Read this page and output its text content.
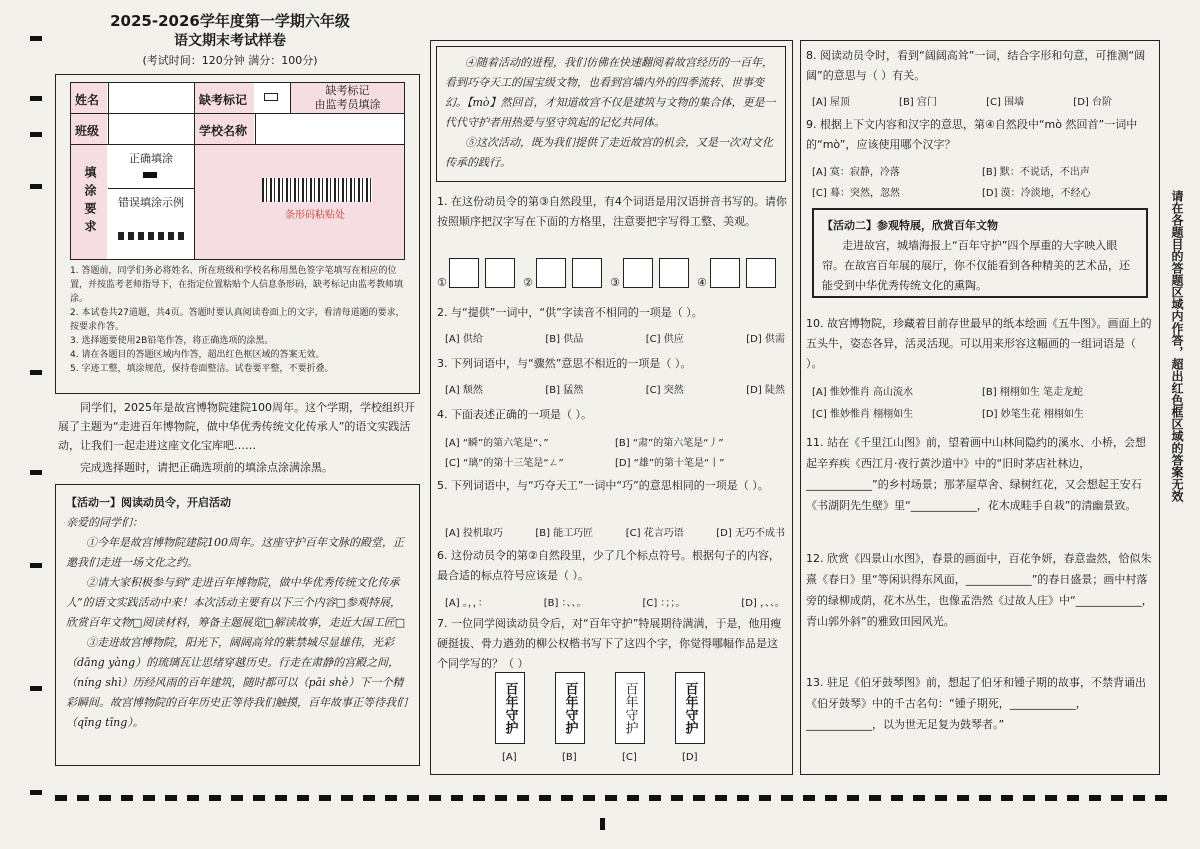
2025-2026学年度第一学期六年级
语文期末考试样卷
(考试时间：120分钟 满分：100分)
姓名	缺考标记
缺考标记
由监考员填涂
班级	学校名称
填涂要求
正确填涂
错误填涂示例
条形码粘贴处
1. 答题前，同学们务必将姓名、所在班级和学校名称用黑色签字笔填写在相应的位置，并按监考老师指导下，在指定位置粘贴个人信息条形码，缺考标记由监考教师填涂。
2. 本试卷共27道题，共4页。答题时要认真阅读卷面上的文字，看清每道题的要求，按要求作答。
3. 选择题要使用2B铅笔作答，将正确选项的涂黑。
4. 请在各题目的答题区域内作答，超出红色框区域的答案无效。
5. 字迹工整，填涂规范，保持卷面整洁。试卷要平整，不要折叠。
同学们，2025年是故宫博物院建院100周年。这个学期，学校组织开展了主题为“走进百年博物院，做中华优秀传统文化传承人”的语文实践活动，让我们一起走进这座文化宝库吧……
完成选择题时，请把正确选项前的填涂点涂满涂黑。
【活动一】阅读动员令，开启活动
亲爱的同学们：
①今年是故宫博物院建院100周年。这座守护百年文脉的殿堂，正邀我们走进一场文化之约。
②请大家积极参与到“走进百年博物院，做中华优秀传统文化传承人”的语文实践活动中来！本次活动主要有以下三个内容□参观特展，欣赏百年文物□阅读材料，筹备主题展览□解读故事，走近大国工匠□
③走进故宫博物院，阳光下，阔阔高耸的紫禁城尽显雄伟，光彩（dāng yàng）的琉璃瓦让思绪穿越历史。行走在肃静的宫殿之间，（níng shì）历经风雨的百年建筑，随时都可以（pāi shè）下一个精彩瞬间。故宫博物院的百年历史正等待我们触摸，百年故事正等待我们（qīng tīng）。
④随着活动的进程，我们仿佛在快速翻阅着故宫经历的一百年，看到巧夺天工的国宝级文物，也看到宫墙内外的四季流转、世事变幻。【mò】然回首，才知道故宫不仅是建筑与文物的集合体，更是一代代守护者用热爱与坚守筑起的记忆共同体。
⑤这次活动，既为我们提供了走近故宫的机会，又是一次对文化传承的践行。
1. 在这份动员令的第③自然段里，有4个词语是用汉语拼音书写的。请你按照顺序把汉字写在下面的方格里，注意要把字写得工整、美观。
①	②	③	④
2. 与“提供”一词中，“供”字读音不相同的一项是（ ）。
[A] 供给	[B] 供品	[C] 供应	[D] 供需
3. 下列词语中，与“骤然”意思不相近的一项是（ ）。
[A] 颓然	[B] 猛然	[C] 突然	[D] 陡然
4. 下面表述正确的一项是（ ）。
[A] “瞬”的第六笔是“、”	[B] “肃”的第六笔是“丿”
[C] “璃”的第十三笔是“ㄥ”	[D] “雄”的第十笔是“丨”
5. 下列词语中，与“巧夺天工”一词中“巧”的意思相同的一项是（ ）。
[A] 投机取巧	[B] 能工巧匠	[C] 花言巧语	[D] 无巧不成书
6. 这份动员令的第②自然段里，少了几个标点符号。根据句子的内容，最合适的标点符号应该是（ ）。
[A] 。，，：	[B] ：、、。	[C] ：；；。	[D] ，、、。
7. 一位同学阅读动员令后，对“百年守护”特展期待满满，于是，他用瘦硬挺拔、骨力遒劲的柳公权楷书写下了这四个字，你觉得哪幅作品是这个同学写的？（ ）
百年守护	百年守护	百年守护	百年守护
[A]	[B]	[C]	[D]
8. 阅读动员令时，看到“阔阔高耸”一词，结合字形和句意，可推测“阔阔”的意思与（ ）有关。
[A] 屋顶	[B] 宫门	[C] 围墙	[D] 台阶
9. 根据上下文内容和汉字的意思，第④自然段中“mò 然回首”一词中的“mò”，应该使用哪个汉字？
[A] 寞：寂静，冷落	[B] 默：不说话，不出声
[C] 蓦：突然，忽然	[D] 漠：冷淡地，不经心
【活动二】参观特展，欣赏百年文物
走进故宫，城墙海报上“百年守护”四个厚重的大字映入眼帘。在故宫百年展的展厅，你不仅能看到各种精美的艺术品，还能受到中华优秀传统文化的熏陶。
10. 故宫博物院，珍藏着目前存世最早的纸本绘画《五牛图》。画面上的五头牛，姿态各异，活灵活现。可以用来形容这幅画的一组词语是（ ）。
[A] 惟妙惟肖 高山流水	[B] 栩栩如生 笔走龙蛇
[C] 惟妙惟肖 栩栩如生	[D] 妙笔生花 栩栩如生
11. 站在《千里江山图》前，望着画中山林间隐约的溪水、小桥，会想起辛弃疾《西江月·夜行黄沙道中》中的“旧时茅店社林边，____________”的乡村场景；那茅屋草舍、绿树红花，又会想起王安石《书湖阴先生壁》里“____________，花木成畦手自栽”的清幽景致。
12. 欣赏《四景山水图》，春景的画面中，百花争妍，春意盎然，恰似朱熹《春日》里“等闲识得东风面，____________”的春日盛景；画中村落旁的绿柳成荫，花木丛生，也像孟浩然《过故人庄》中“____________，青山郭外斜”的雅致田园风光。
13. 驻足《伯牙鼓琴图》前，想起了伯牙和锺子期的故事，不禁背诵出《伯牙鼓琴》中的千古名句：“锺子期死，____________，____________，以为世无足复为鼓琴者。”
请在各题目的答题区域内作答，超出红色框区域的答案无效
